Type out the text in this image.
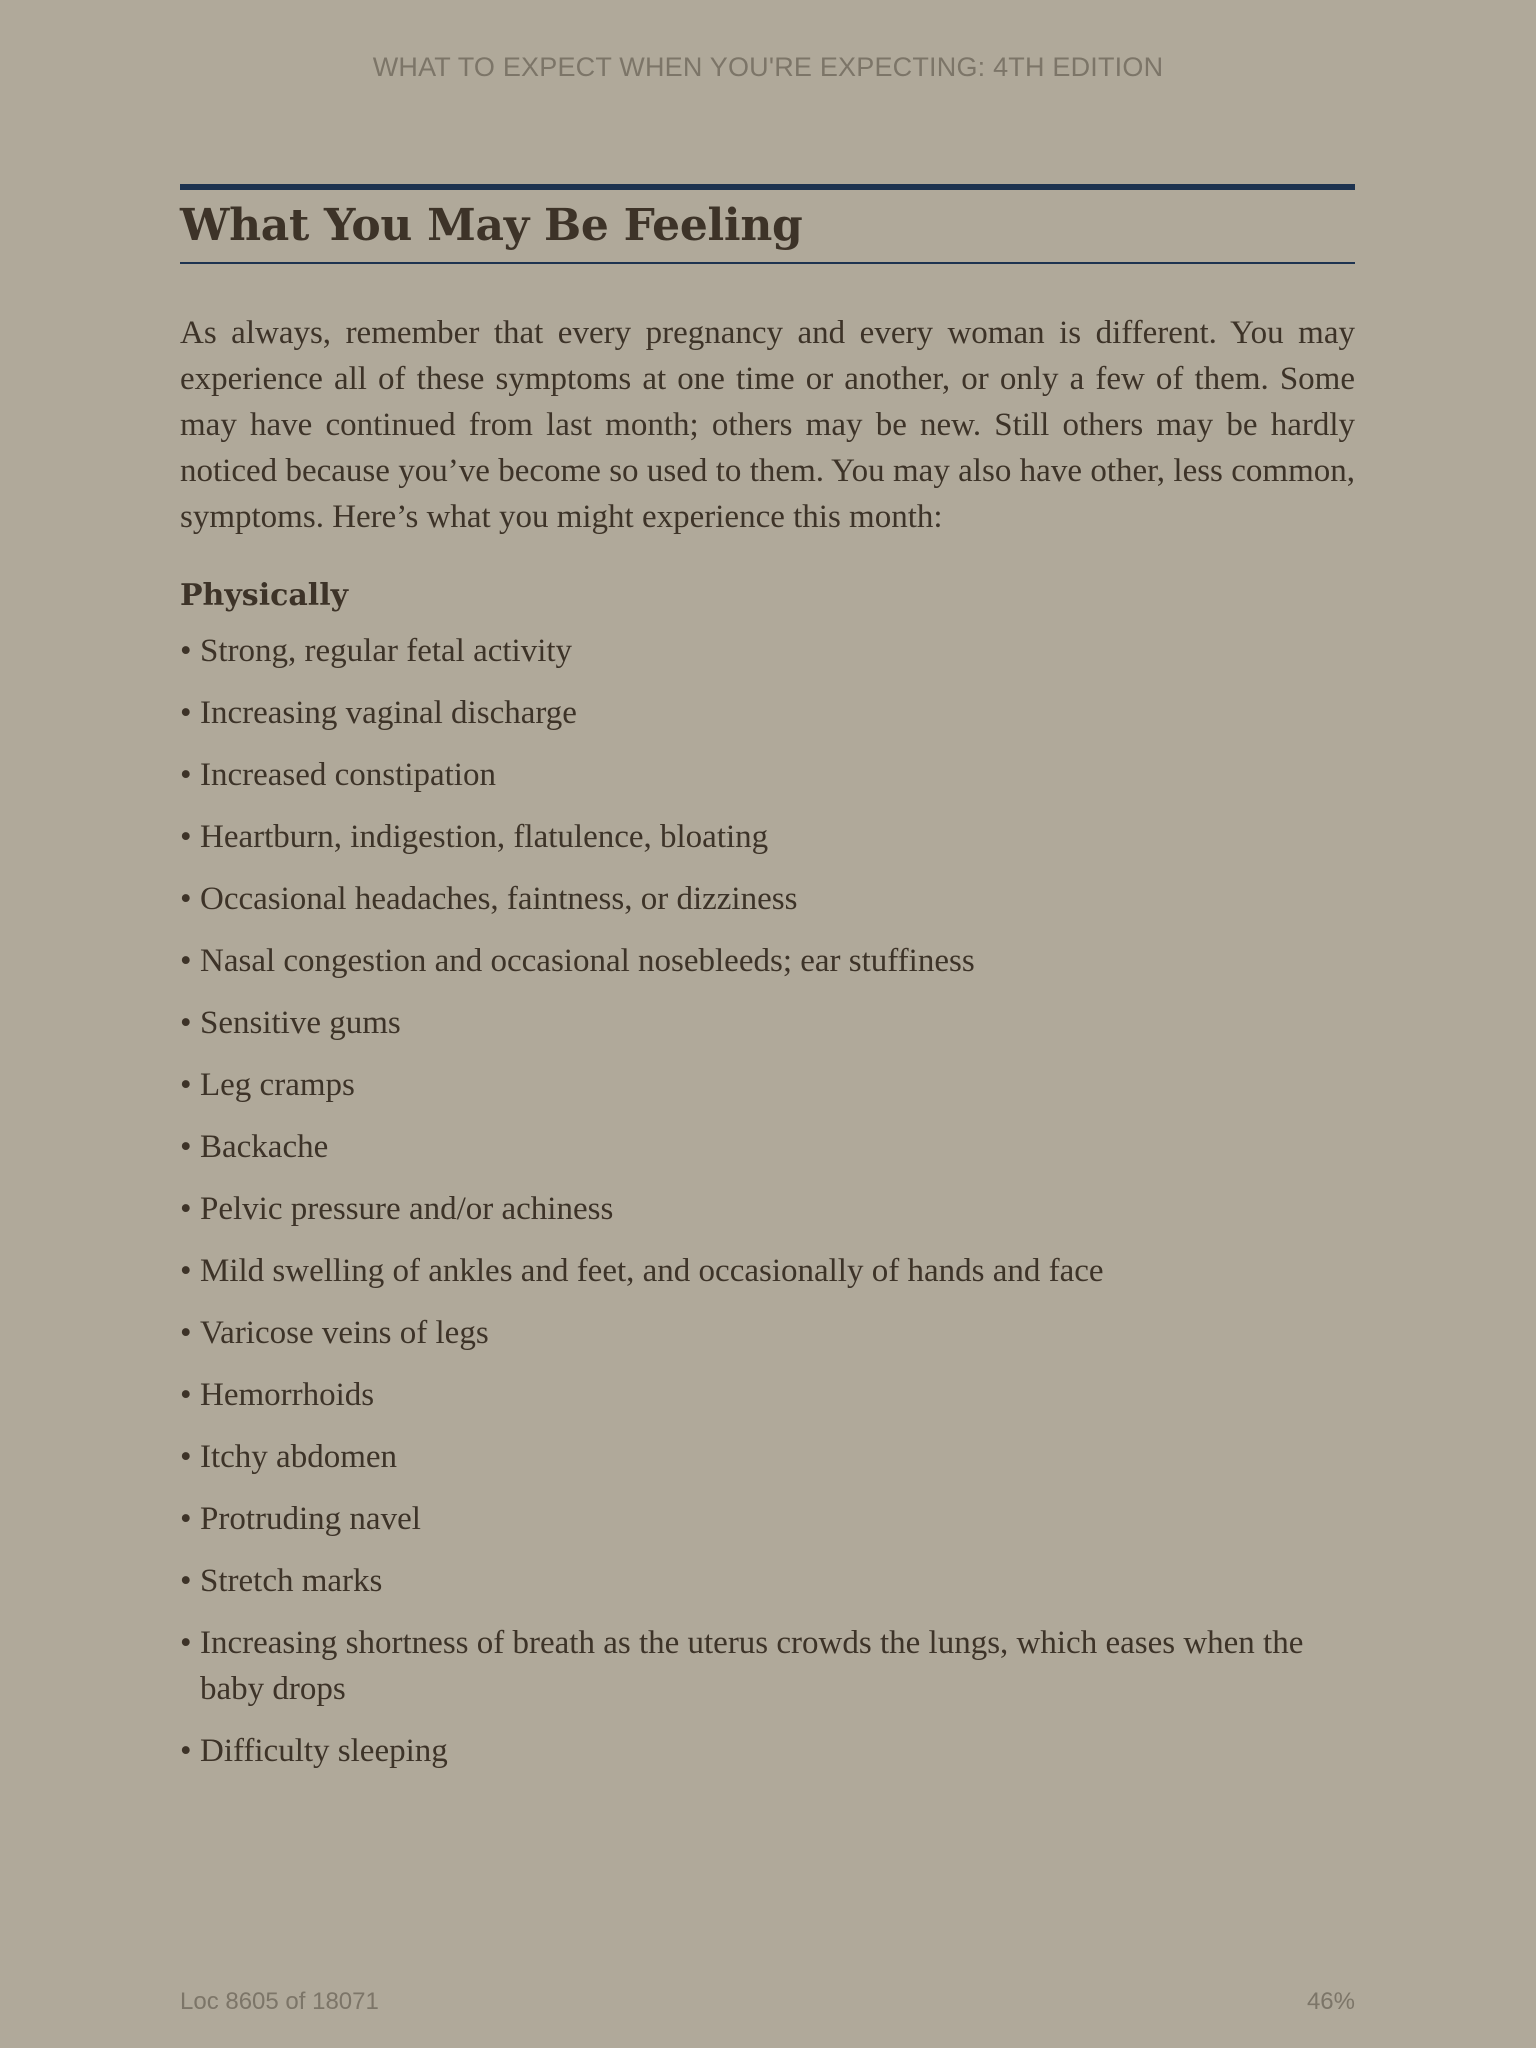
WHAT TO EXPECT WHEN YOU'RE EXPECTING: 4TH EDITION
What You May Be Feeling

As always, remember that every pregnancy and every woman is different. You may experience all of these symptoms at one time or another, or only a few of them. Some may have continued from last month; others may be new. Still others may be hardly noticed because you’ve become so used to them. You may also have other, less common, symptoms. Here’s what you might experience this month:

Physically
• Strong, regular fetal activity
• Increasing vaginal discharge
• Increased constipation
• Heartburn, indigestion, flatulence, bloating
• Occasional headaches, faintness, or dizziness
• Nasal congestion and occasional nosebleeds; ear stuffiness
• Sensitive gums
• Leg cramps
• Backache
• Pelvic pressure and/or achiness
• Mild swelling of ankles and feet, and occasionally of hands and face
• Varicose veins of legs
• Hemorrhoids
• Itchy abdomen
• Protruding navel
• Stretch marks
• Increasing shortness of breath as the uterus crowds the lungs, which eases when the baby drops
• Difficulty sleeping
Loc 8605 of 18071	46%
